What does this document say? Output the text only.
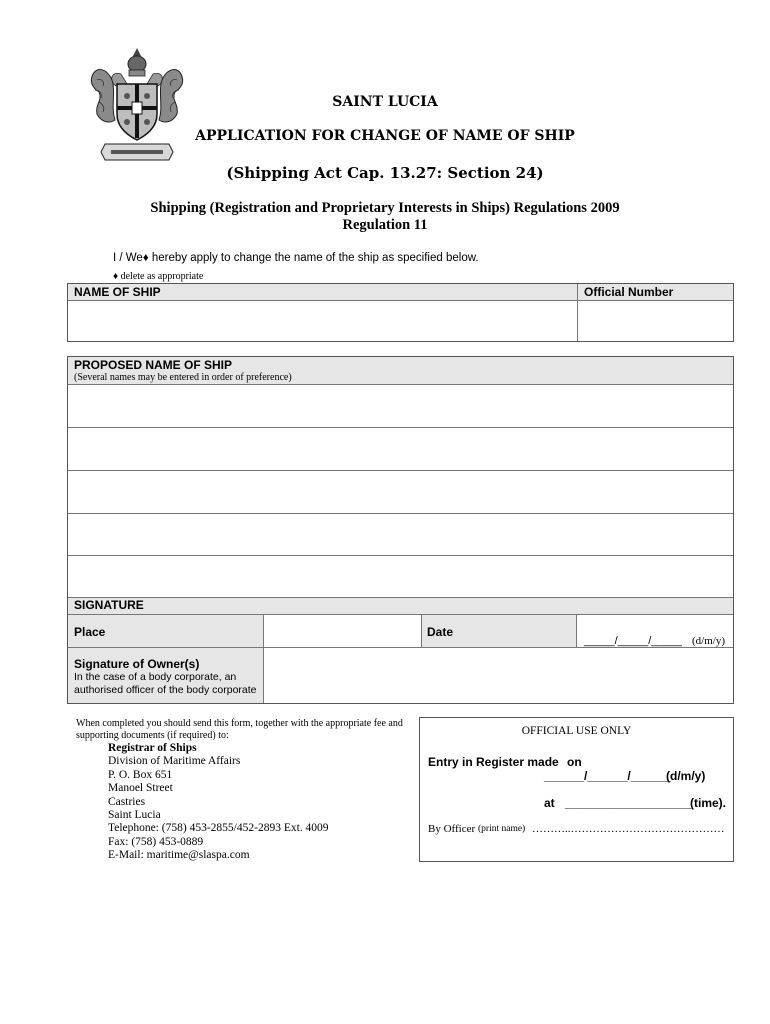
SAINT LUCIA
APPLICATION FOR CHANGE OF NAME OF SHIP
(Shipping Act Cap. 13.27: Section 24)
Shipping (Registration and Proprietary Interests in Ships) Regulations 2009
Regulation 11
I / We♦ hereby apply to change the name of the ship as specified below.
♦ delete as appropriate
NAME OF SHIP	Official Number
PROPOSED NAME OF SHIP
(Several names may be entered in order of preference)
SIGNATURE
Place	Date
_____/_____/_____ (d/m/y)
Signature of Owner(s)
In the case of a body corporate, an
authorised officer of the body corporate
When completed you should send this form, together with the appropriate fee and
supporting documents (if required) to:
Registrar of Ships
Division of Maritime Affairs
P. O. Box 651
Manoel Street
Castries
Saint Lucia
Telephone: (758) 453-2855/452-2893 Ext. 4009
Fax: (758) 453-0889
E-Mail: maritime@slaspa.com
OFFICIAL USE ONLY
Entry in Register made on
______/______/______
(d/m/y)
at ___________________
(time).
By Officer (print name) ………..……………………………………
